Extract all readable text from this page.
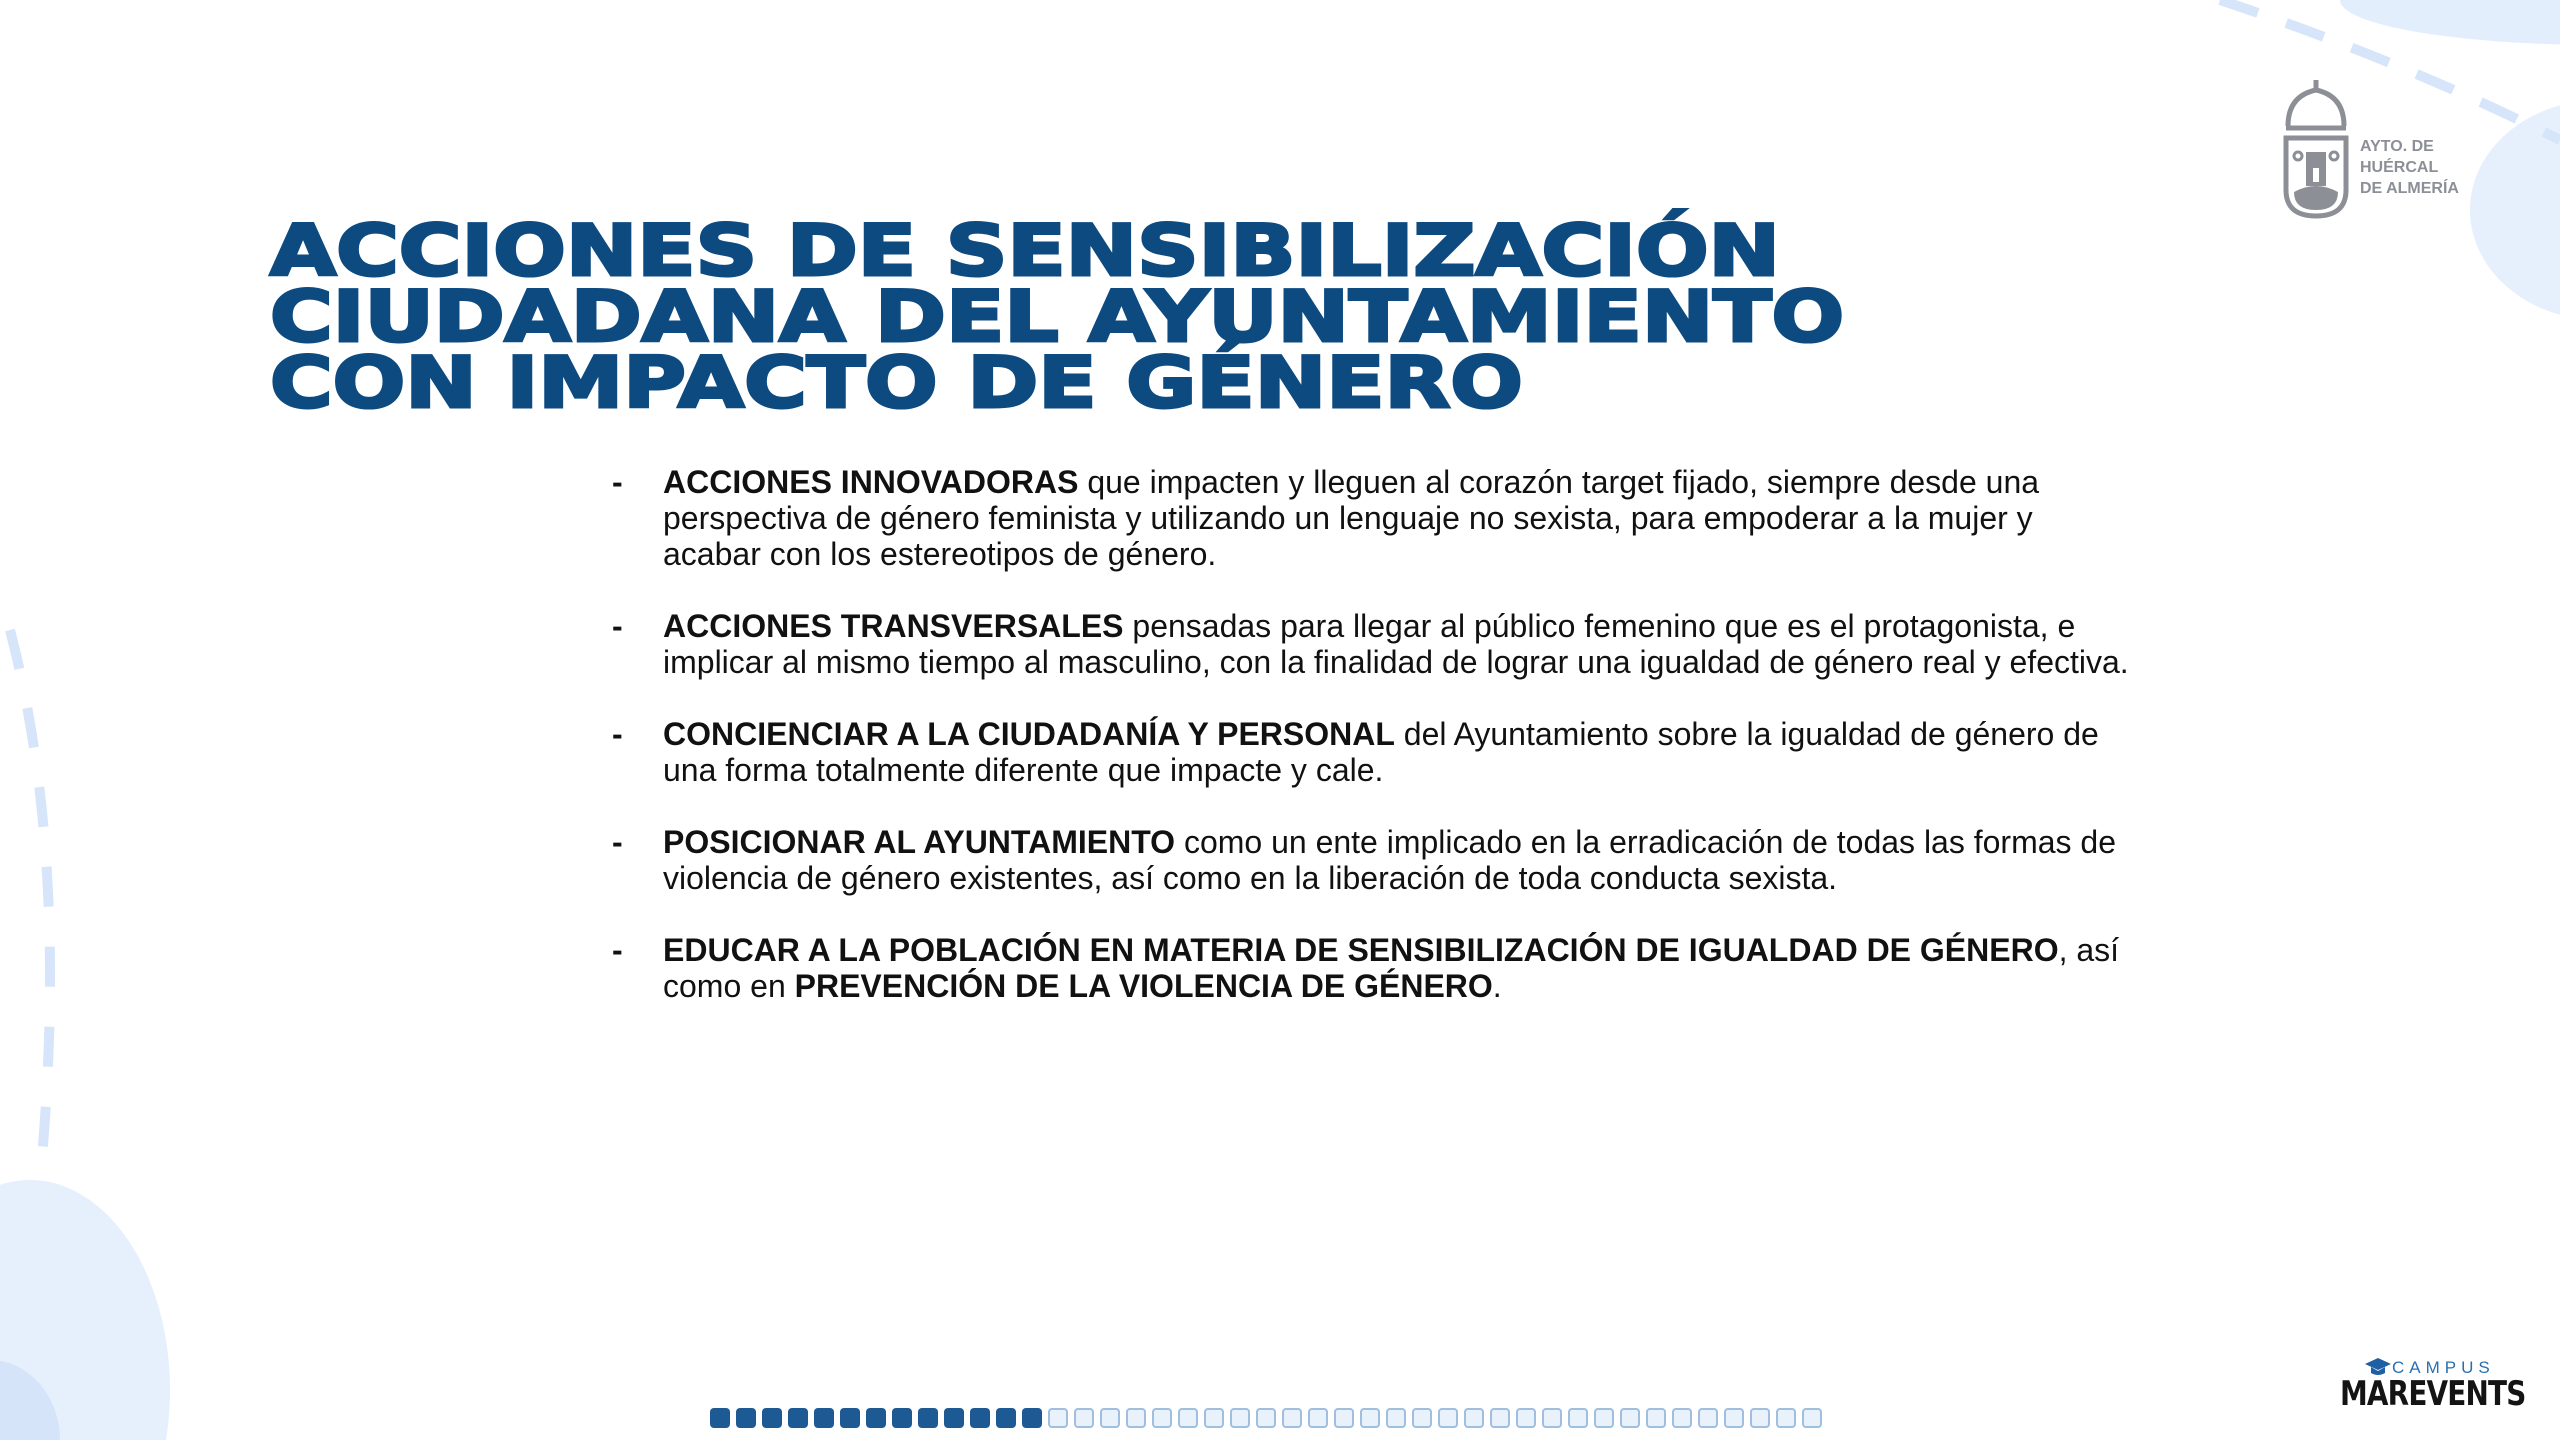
ACCIONES DE SENSIBILIZACIÓN
CIUDADANA DEL AYUNTAMIENTO
CON IMPACTO DE GÉNERO
- ACCIONES INNOVADORAS que impacten y lleguen al corazón target fijado, siempre desde una perspectiva de género feminista y utilizando un lenguaje no sexista, para empoderar a la mujer y acabar con los estereotipos de género.
- ACCIONES TRANSVERSALES pensadas para llegar al público femenino que es el protagonista, e implicar al mismo tiempo al masculino, con la finalidad de lograr una igualdad de género real y efectiva.
- CONCIENCIAR A LA CIUDADANÍA Y PERSONAL del Ayuntamiento sobre la igualdad de género de una forma totalmente diferente que impacte y cale.
- POSICIONAR AL AYUNTAMIENTO como un ente implicado en la erradicación de todas las formas de violencia de género existentes, así como en la liberación de toda conducta sexista.
- EDUCAR A LA POBLACIÓN EN MATERIA DE SENSIBILIZACIÓN DE IGUALDAD DE GÉNERO, así como en PREVENCIÓN DE LA VIOLENCIA DE GÉNERO.
AYTO. DE
HUÉRCAL
DE ALMERÍA
CAMPUS
MAREVENTS
